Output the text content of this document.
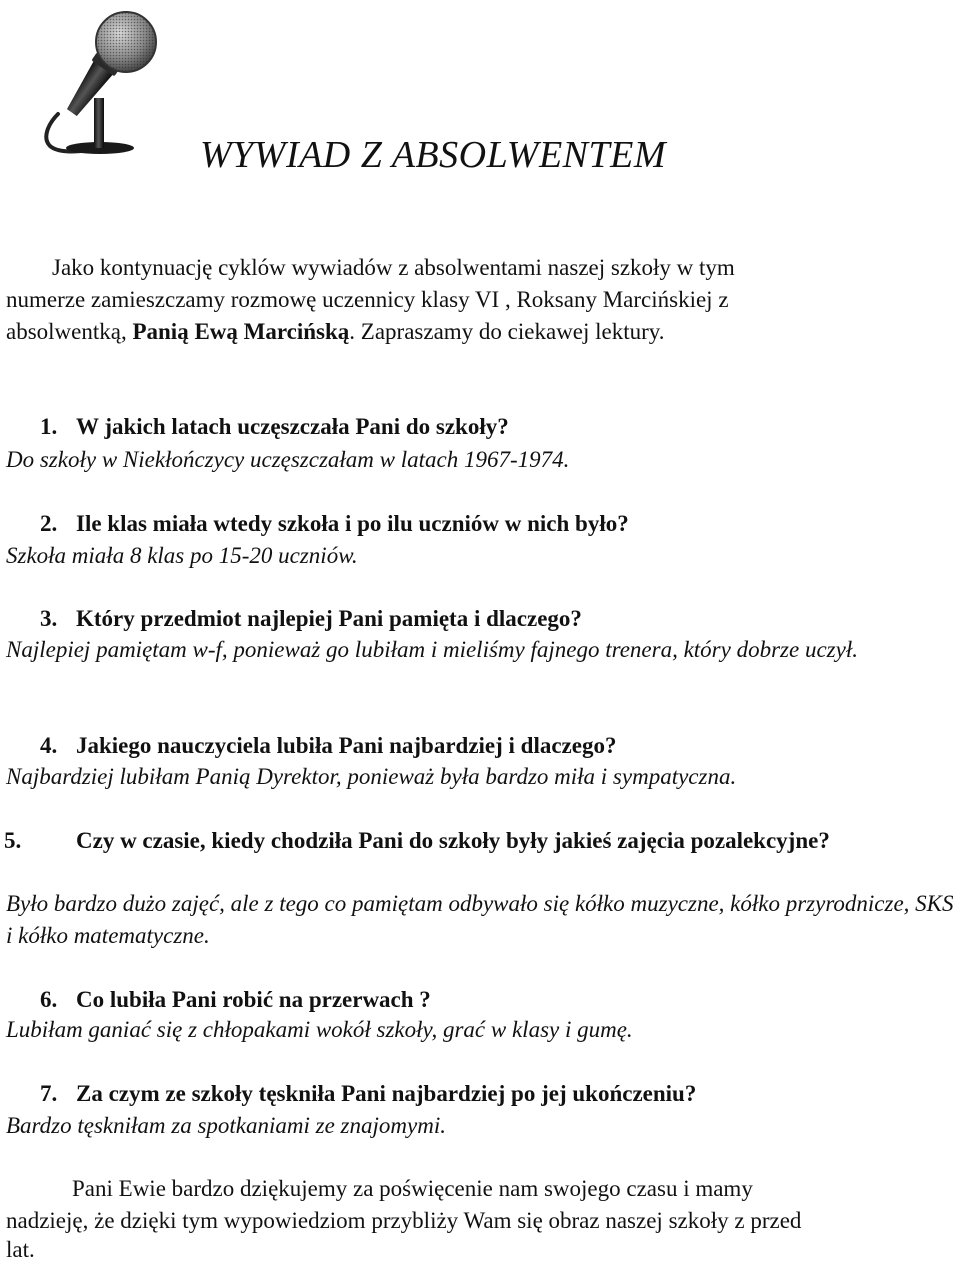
WYWIAD Z ABSOLWENTEM
Jako kontynuację cyklów wywiadów z absolwentami naszej szkoły w tym
numerze zamieszczamy rozmowę uczennicy klasy VI , Roksany Marcińskiej z
absolwentką, Panią Ewą Marcińską. Zapraszamy do ciekawej lektury.
1. W jakich latach uczęszczała Pani do szkoły?
Do szkoły w Niekłończycy uczęszczałam w latach 1967-1974.
2. Ile klas miała wtedy szkoła i po ilu uczniów w nich było?
Szkoła miała 8 klas po 15-20 uczniów.
3. Który przedmiot najlepiej Pani pamięta i dlaczego?
Najlepiej pamiętam w-f, ponieważ go lubiłam i mieliśmy fajnego trenera, który dobrze uczył.
4. Jakiego nauczyciela lubiła Pani najbardziej i dlaczego?
Najbardziej lubiłam Panią Dyrektor, ponieważ była bardzo miła i sympatyczna.
5. Czy w czasie, kiedy chodziła Pani do szkoły były jakieś zajęcia pozalekcyjne?
Było bardzo dużo zajęć, ale z tego co pamiętam odbywało się kółko muzyczne, kółko przyrodnicze, SKS i kółko matematyczne.
6. Co lubiła Pani robić na przerwach ?
Lubiłam ganiać się z chłopakami wokół szkoły, grać w klasy i gumę.
7. Za czym ze szkoły tęskniła Pani najbardziej po jej ukończeniu?
Bardzo tęskniłam za spotkaniami ze znajomymi.
Pani Ewie bardzo dziękujemy za poświęcenie nam swojego czasu i mamy
nadzieję, że dzięki tym wypowiedziom przybliży Wam się obraz naszej szkoły z przed
lat.
